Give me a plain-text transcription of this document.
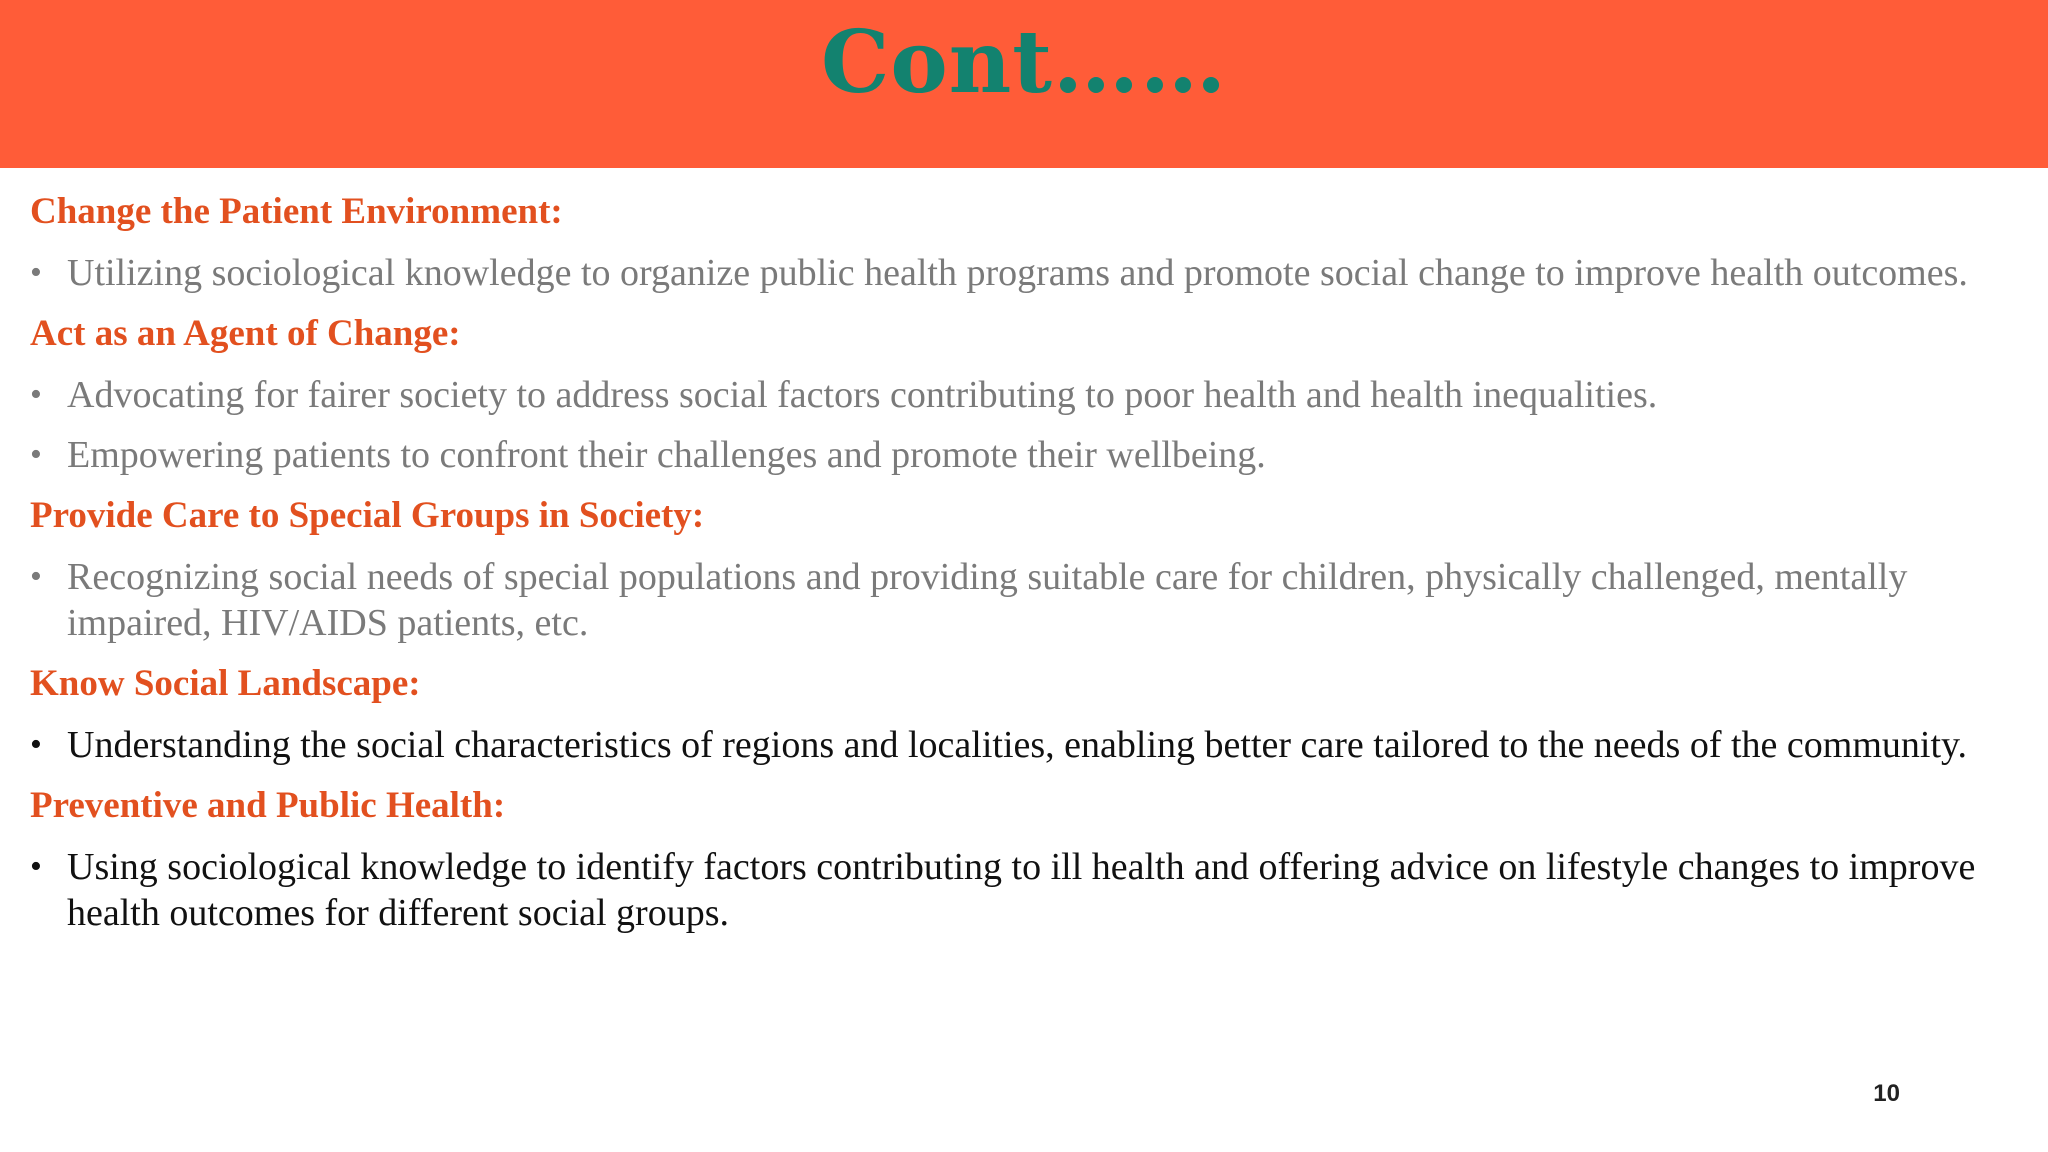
Cont……
Change the Patient Environment:
• Utilizing sociological knowledge to organize public health programs and promote social change to improve health outcomes.
Act as an Agent of Change:
• Advocating for fairer society to address social factors contributing to poor health and health inequalities.
• Empowering patients to confront their challenges and promote their wellbeing.
Provide Care to Special Groups in Society:
• Recognizing social needs of special populations and providing suitable care for children, physically challenged, mentally impaired, HIV/AIDS patients, etc.
Know Social Landscape:
• Understanding the social characteristics of regions and localities, enabling better care tailored to the needs of the community.
Preventive and Public Health:
• Using sociological knowledge to identify factors contributing to ill health and offering advice on lifestyle changes to improve health outcomes for different social groups.
10
